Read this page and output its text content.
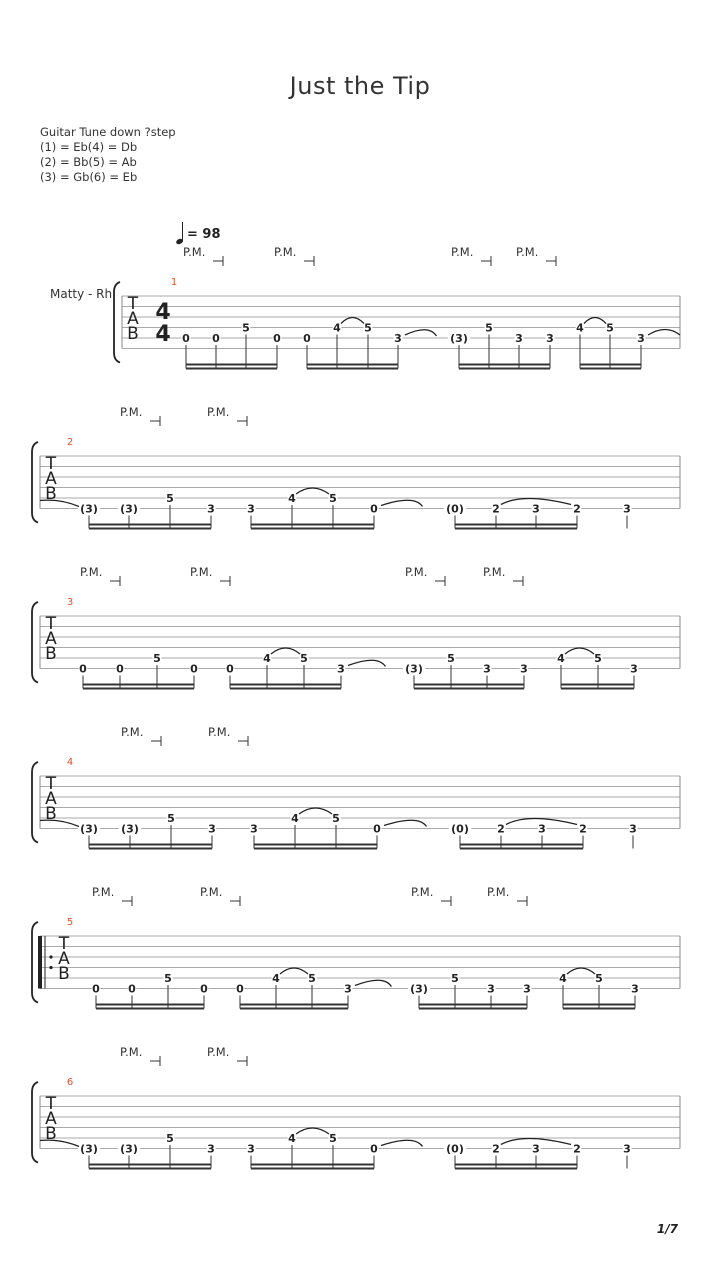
Just the Tip
Guitar Tune down ?step
(1) = Eb(4) = Db
(2) = Bb(5) = Ab
(3) = Gb(6) = Eb
= 98
Matty - Rh T
A
B
4
4
1
P.M.	P.M.	P.M.	P.M.
0 0
5
0 0
4 5
3	(3)
5
3 3
4 5
3
T
A
B
2
P.M.	P.M.
(3) (3)
5
3	3
4	5
0	(0)	2	3	2	3
T
A
B
3
P.M.	P.M.	P.M.	P.M.
0	0
5
0	0
4	5
3	(3)
5
3	3
4	5
3
T
A
B
4
P.M.	P.M.
(3) (3)
5
3	3
4	5
0	(0)	2	3	2	3
T
A
B
5
P.M.	P.M.	P.M.	P.M.
0	0
5
0	0
4	5
3	(3)
5
3	3
4	5
3
T
A
B
6
P.M.	P.M.
(3) (3)
5
3	3
4	5
0	(0)	2	3	2	3
1/7
